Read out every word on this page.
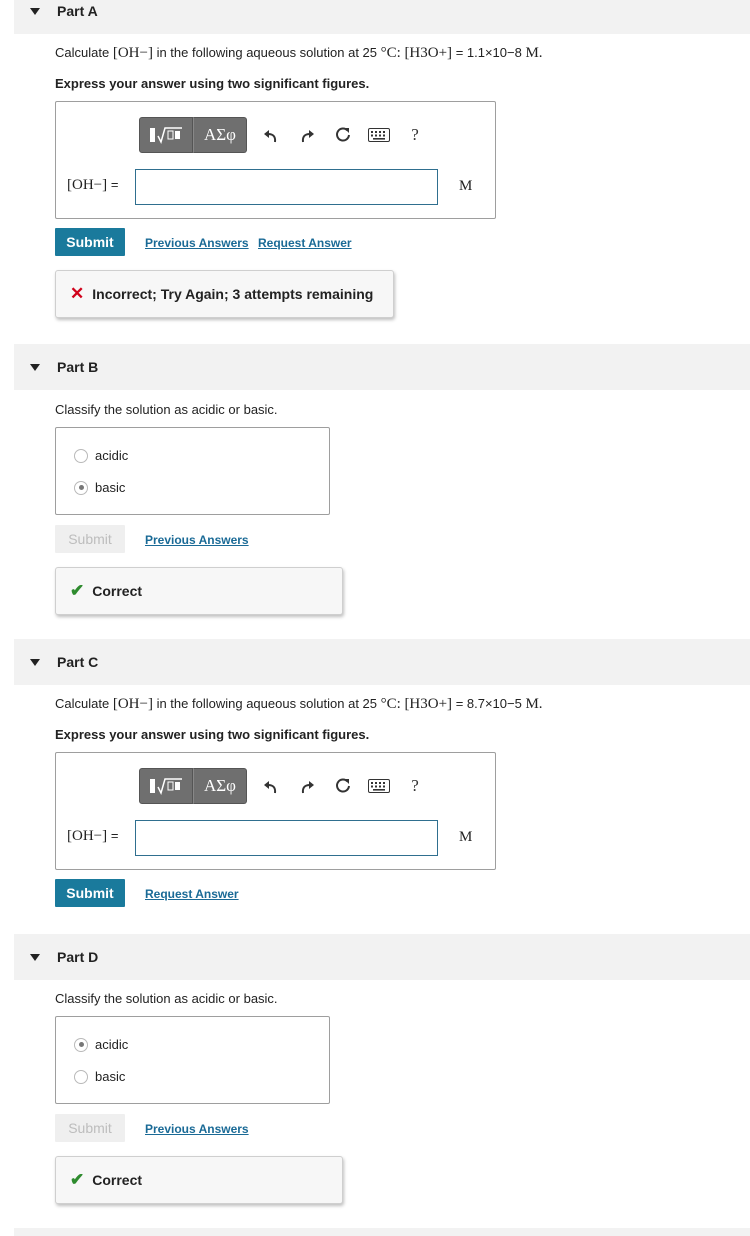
Part A
Calculate [OH−] in the following aqueous solution at 25 °C: [H3O+] = 1.1×10−8 M.
Express your answer using two significant figures.
ΑΣφ	?
[OH−] =	M
Submit	Previous Answers Request Answer
✕ Incorrect; Try Again; 3 attempts remaining
Part B
Classify the solution as acidic or basic.
acidic
basic
Submit	Previous Answers
✔ Correct
Part C
Calculate [OH−] in the following aqueous solution at 25 °C: [H3O+] = 8.7×10−5 M.
Express your answer using two significant figures.
ΑΣφ	?
[OH−] =	M
Submit	Request Answer
Part D
Classify the solution as acidic or basic.
acidic
basic
Submit	Previous Answers
✔ Correct
